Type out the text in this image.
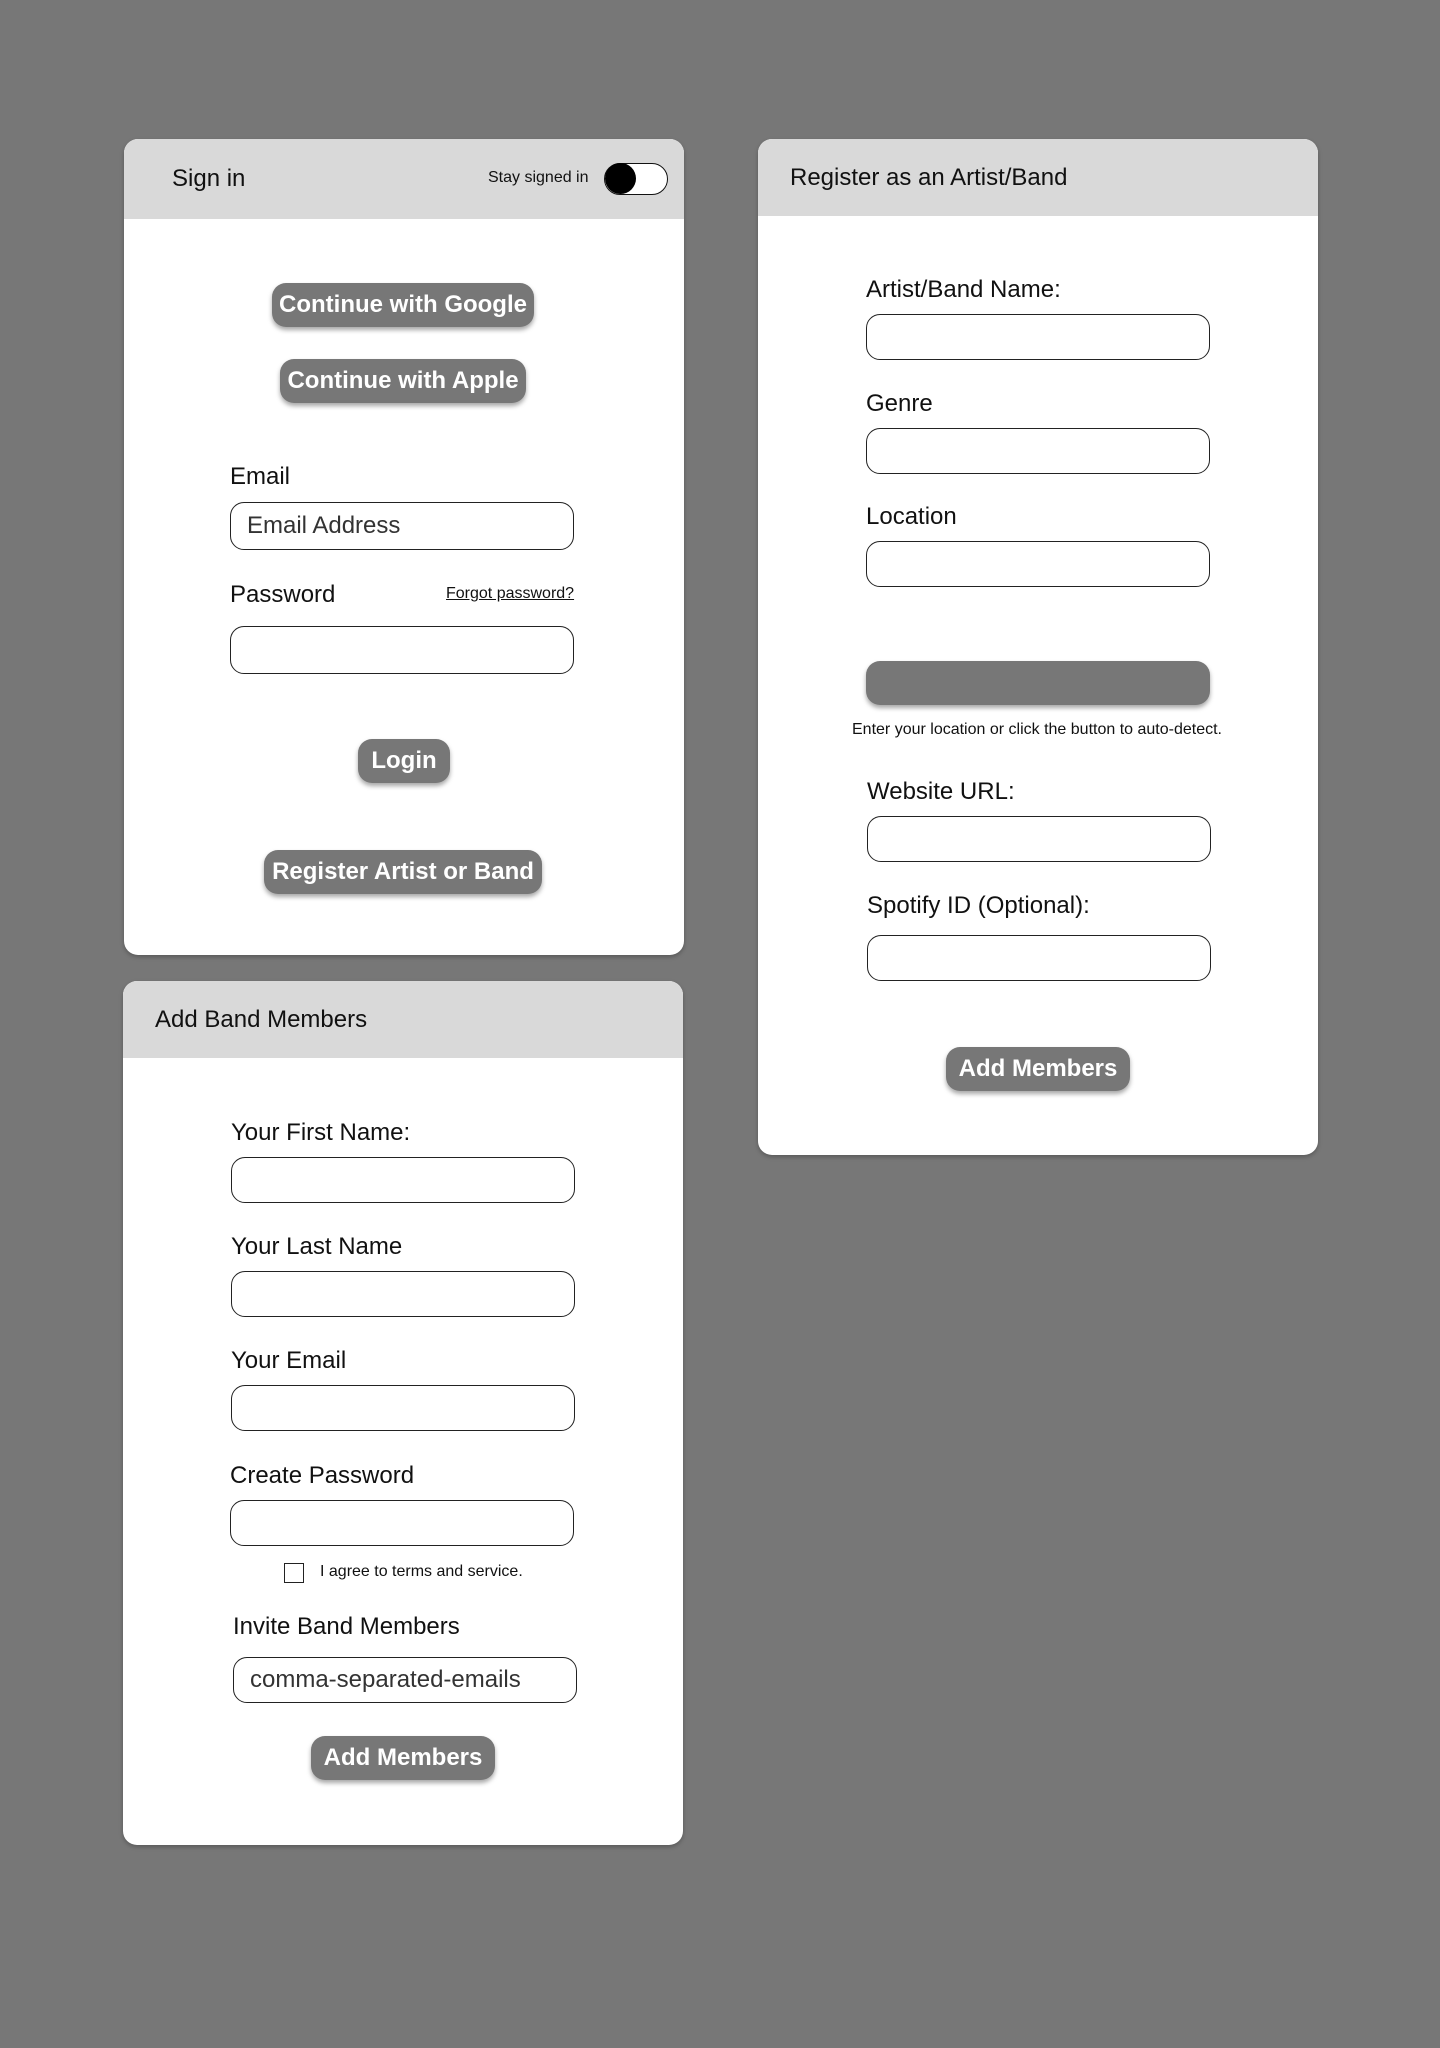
Sign in	Stay signed in
Continue with Google
Continue with Apple
Email
Email Address
Password	Forgot password?
Login
Register Artist or Band
Register as an Artist/Band
Artist/Band Name:
Genre
Location
Enter your location or click the button to auto-detect.
Website URL:
Spotify ID (Optional):
Add Members
Add Band Members
Your First Name:
Your Last Name
Your Email
Create Password
I agree to terms and service.
Invite Band Members
comma-separated-emails
Add Members
